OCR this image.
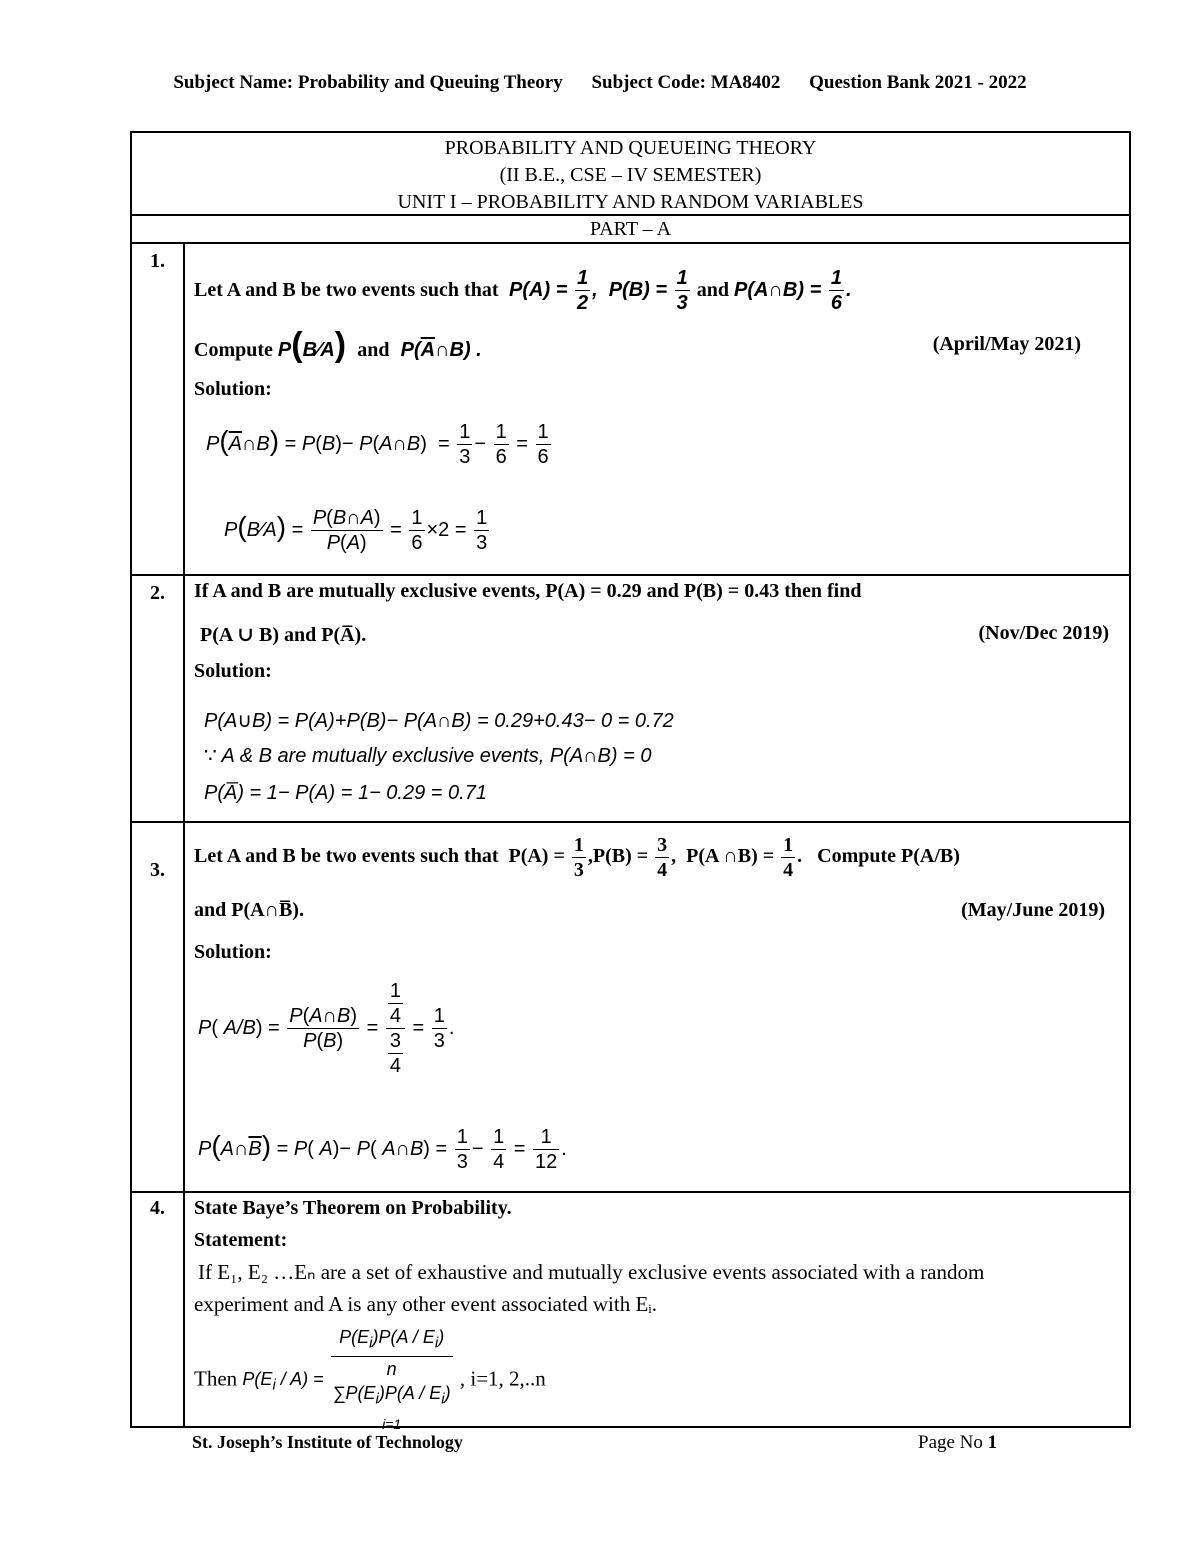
Subject Name: Probability and Queuing Theory Subject Code: MA8402 Question Bank 2021 - 2022
PROBABILITY AND QUEUEING THEORY
(II B.E., CSE – IV SEMESTER)
UNIT I – PROBABILITY AND RANDOM VARIABLES
PART – A
1.
Let A and B be two events such that  $P(A) = \frac{1}{2}$ ,  $P(B) = \frac{1}{3}$ and P(A∩B) = $\frac{1}{6}$ .
Compute P(B⁄A) and  $P(\overline{A}\cap B)$ .	(April/May 2021)
Solution:
$P(\overline{A}\cap B) = P(B)-$ P(A∩B)  = $\frac{1}{3} - \frac{1}{6} = \frac{1}{6}$
P(B⁄A) = $\frac{P(B\cap A)}{P(A)} = \frac{1}{6} \times 2 = \frac{1}{3}$
2.	If A and B are mutually exclusive events, P(A) = 0.29 and P(B) = 0.43 then find
P(A ∪ B) and P(A̅).	(Nov/Dec 2019)
Solution:
P(A∪B) = P(A)+P(B)− P(A∩B) = 0.29+0.43− 0 = 0.72
∵ A & B are mutually exclusive events, P(A∩B) = 0
P(A̅) = 1− P(A) = 1− 0.29 = 0.71
3.
Let A and B be two events such that  $P(A) = \frac{1}{3} ,P(B) = \frac{3}{4}$ ,  P(A ∩B) = $\frac{1}{4}$ .   Compute P(A/B)
and P(A∩B̅).	(May/June 2019)
Solution:
P( $A/B) = \frac{P(A\cap B)}{P(B)} = \frac{\frac{1}{4}}{\frac{3}{4}} = \frac{1}{3}$ .
$P(A\cap\overline{B}) = P$( A)− P( A∩B) = $\frac{1}{3} - \frac{1}{4} = \frac{1}{12}$ .
4.	State Baye’s Theorem on Probability.
Statement:
If E₁, E₂ …Eₙ are a set of exhaustive and mutually exclusive events associated with a random
experiment and A is any other event associated with Eᵢ.
Then $P(E_i / A)$ =
$P(E_i)P(A / E_i)$
n
$\sum P(E_i)P(A / E_i)$
i=1
, i=1, 2,..n
St. Joseph’s Institute of Technology	Page No 1
